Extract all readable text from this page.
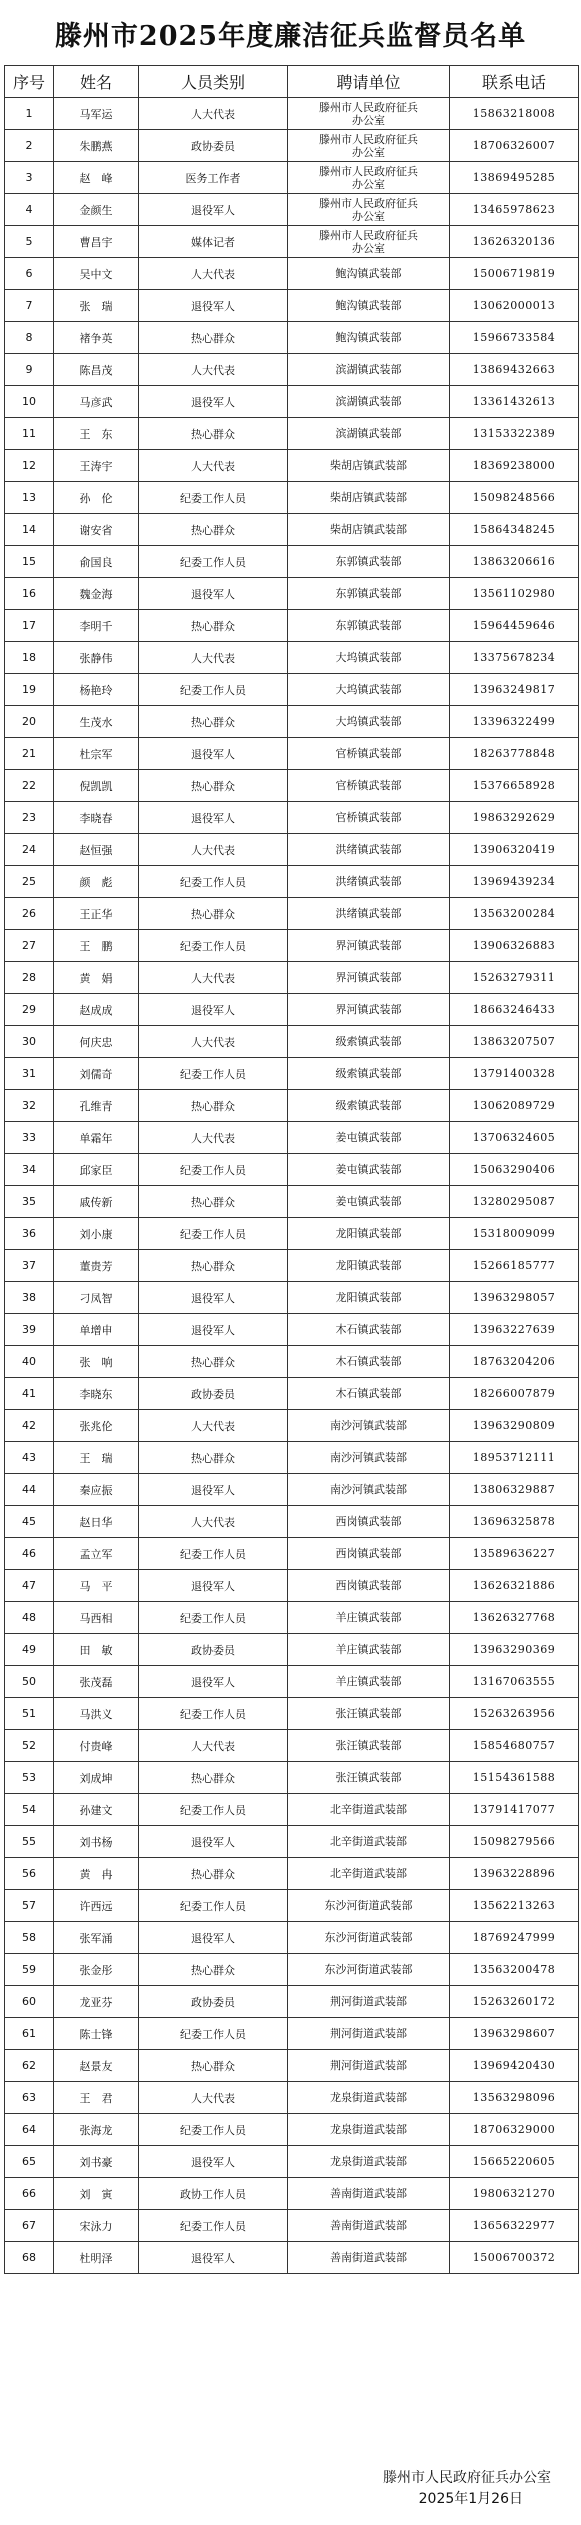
滕州市2025年度廉洁征兵监督员名单
序号	姓名	人员类别	聘请单位	联系电话
1	马军运	人大代表	滕州市人民政府征兵办公室	15863218008
2	朱鹏燕	政协委员	滕州市人民政府征兵办公室	18706326007
3	赵　峰	医务工作者	滕州市人民政府征兵办公室	13869495285
4	金颜生	退役军人	滕州市人民政府征兵办公室	13465978623
5	曹昌宇	媒体记者	滕州市人民政府征兵办公室	13626320136
6	吴中文	人大代表	鲍沟镇武装部	15006719819
7	张　瑞	退役军人	鲍沟镇武装部	13062000013
8	褚争英	热心群众	鲍沟镇武装部	15966733584
9	陈昌茂	人大代表	滨湖镇武装部	13869432663
10	马彦武	退役军人	滨湖镇武装部	13361432613
11	王　东	热心群众	滨湖镇武装部	13153322389
12	王涛宇	人大代表	柴胡店镇武装部	18369238000
13	孙　伦	纪委工作人员	柴胡店镇武装部	15098248566
14	谢安省	热心群众	柴胡店镇武装部	15864348245
15	俞国良	纪委工作人员	东郭镇武装部	13863206616
16	魏金海	退役军人	东郭镇武装部	13561102980
17	李明千	热心群众	东郭镇武装部	15964459646
18	张静伟	人大代表	大坞镇武装部	13375678234
19	杨艳玲	纪委工作人员	大坞镇武装部	13963249817
20	生茂水	热心群众	大坞镇武装部	13396322499
21	杜宗军	退役军人	官桥镇武装部	18263778848
22	倪凯凯	热心群众	官桥镇武装部	15376658928
23	李晓春	退役军人	官桥镇武装部	19863292629
24	赵恒强	人大代表	洪绪镇武装部	13906320419
25	颜　彪	纪委工作人员	洪绪镇武装部	13969439234
26	王正华	热心群众	洪绪镇武装部	13563200284
27	王　鹏	纪委工作人员	界河镇武装部	13906326883
28	黄　娟	人大代表	界河镇武装部	15263279311
29	赵成成	退役军人	界河镇武装部	18663246433
30	何庆忠	人大代表	级索镇武装部	13863207507
31	刘儒奇	纪委工作人员	级索镇武装部	13791400328
32	孔维青	热心群众	级索镇武装部	13062089729
33	单霜年	人大代表	姜屯镇武装部	13706324605
34	邱家臣	纪委工作人员	姜屯镇武装部	15063290406
35	戚传新	热心群众	姜屯镇武装部	13280295087
36	刘小康	纪委工作人员	龙阳镇武装部	15318009099
37	董贵芳	热心群众	龙阳镇武装部	15266185777
38	刁凤智	退役军人	龙阳镇武装部	13963298057
39	单增申	退役军人	木石镇武装部	13963227639
40	张　响	热心群众	木石镇武装部	18763204206
41	李晓东	政协委员	木石镇武装部	18266007879
42	张兆伦	人大代表	南沙河镇武装部	13963290809
43	王　瑞	热心群众	南沙河镇武装部	18953712111
44	秦应振	退役军人	南沙河镇武装部	13806329887
45	赵日华	人大代表	西岗镇武装部	13696325878
46	孟立军	纪委工作人员	西岗镇武装部	13589636227
47	马　平	退役军人	西岗镇武装部	13626321886
48	马西相	纪委工作人员	羊庄镇武装部	13626327768
49	田　敏	政协委员	羊庄镇武装部	13963290369
50	张茂磊	退役军人	羊庄镇武装部	13167063555
51	马洪义	纪委工作人员	张汪镇武装部	15263263956
52	付贵峰	人大代表	张汪镇武装部	15854680757
53	刘成坤	热心群众	张汪镇武装部	15154361588
54	孙建文	纪委工作人员	北辛街道武装部	13791417077
55	刘书杨	退役军人	北辛街道武装部	15098279566
56	黄　冉	热心群众	北辛街道武装部	13963228896
57	许西远	纪委工作人员	东沙河街道武装部	13562213263
58	张军涌	退役军人	东沙河街道武装部	18769247999
59	张金彤	热心群众	东沙河街道武装部	13563200478
60	龙亚芬	政协委员	荆河街道武装部	15263260172
61	陈士锋	纪委工作人员	荆河街道武装部	13963298607
62	赵景友	热心群众	荆河街道武装部	13969420430
63	王　君	人大代表	龙泉街道武装部	13563298096
64	张海龙	纪委工作人员	龙泉街道武装部	18706329000
65	刘书豪	退役军人	龙泉街道武装部	15665220605
66	刘　寅	政协工作人员	善南街道武装部	19806321270
67	宋泳力	纪委工作人员	善南街道武装部	13656322977
68	杜明泽	退役军人	善南街道武装部	15006700372
滕州市人民政府征兵办公室
2025年1月26日
